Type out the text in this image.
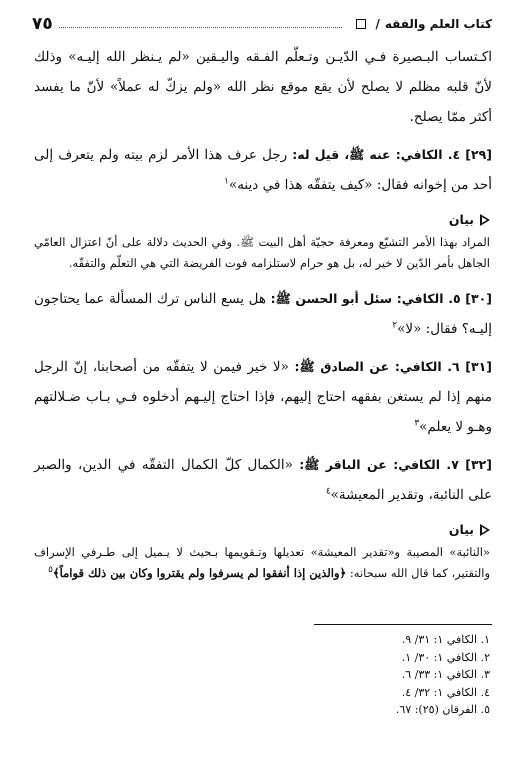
كتاب العلم والفقه
/
٧٥

اكـتساب البـصيرة فـي الدّيـن وتـعلّم الفـقه واليـقين «لم يـنظر الله إليـه» وذلك لأنّ قلبه مظلم لا يصلح لأن يقع موقع نظر الله «ولم يزكّ له عملاً» لأنّ ما يفسد أكثر ممّا يصلح.

[٢٩] ٤. الكافي: عنه ﷺ، قيل له: رجل عرف هذا الأمر لزم بيته ولم يتعرف إلى أحد من إخوانه فقال: «كيف يتفقّه هذا في دينه»$^١$

بيان

المراد بهذا الأمر التشيّع ومعرفة حجيّة أهل البيت ﷺ. وفي الحديث دلالة على أنّ اعتزال العامّي الجاهل بأمر الدّين لا خير له، بل هو حرام لاستلزامه فوت الفريضة التي هي التعلّم والتفقّه.

[٣٠] ٥. الكافي: سئل أبو الحسن ﷺ: هل يسع الناس ترك المسألة عما يحتاجون إليـه؟ فقال: «لا»$^٢$

[٣١] ٦. الكافي: عن الصادق ﷺ: «لا خير فيمن لا يتفقّه من أصحابنا، إنّ الرجل منهم إذا لم يستغن بفقهه احتاج إليهم، فإذا احتاج إليـهم أدخلوه فـي بـاب ضـلالتهم وهـو لا يعلم»$^٣$

[٣٢] ٧. الكافي: عن الباقر ﷺ: «الكمال كلّ الكمال التفقّه في الدين، والصبر على النائبة، وتقدير المعيشة»$^٤$

بيان

«النائبة» المصيبة و«تقدير المعيشة» تعديلها وتـقويمها بـحيث لا يـميل إلى طـرفي الإسراف والتقتير، كما قال الله سبحانه: ﴿والذين إذا أنفقوا لم يسرفوا ولم يقتروا وكان بين ذلك قواماً﴾$^٥$

١. الكافي ١: ٣١/ ٩.
٢. الكافي ١: ٣٠/ ١.
٣. الكافي ١: ٣٣/ ٦.
٤. الكافي ١: ٣٢/ ٤.
٥. الفرقان (٢٥): ٦٧.
